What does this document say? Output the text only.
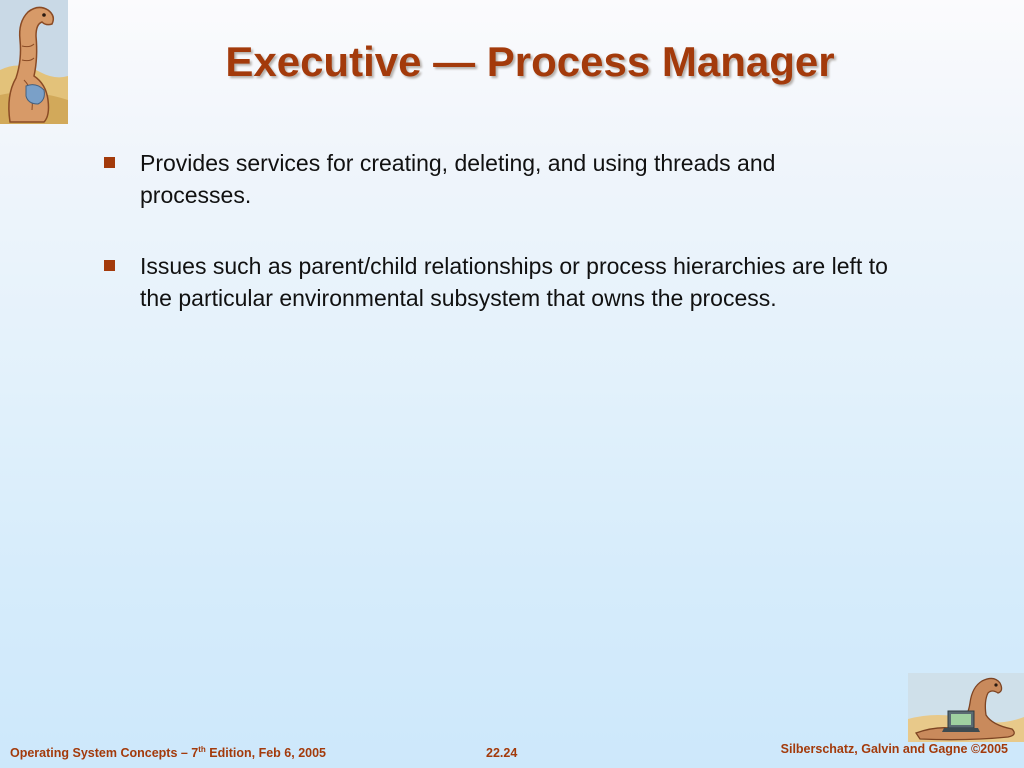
Executive — Process Manager
Provides services for creating, deleting, and using threads and processes.
Issues such as parent/child relationships or process hierarchies are left to the particular environmental subsystem that owns the process.
Operating System Concepts – 7th Edition, Feb 6, 2005	22.24	Silberschatz, Galvin and Gagne ©2005
